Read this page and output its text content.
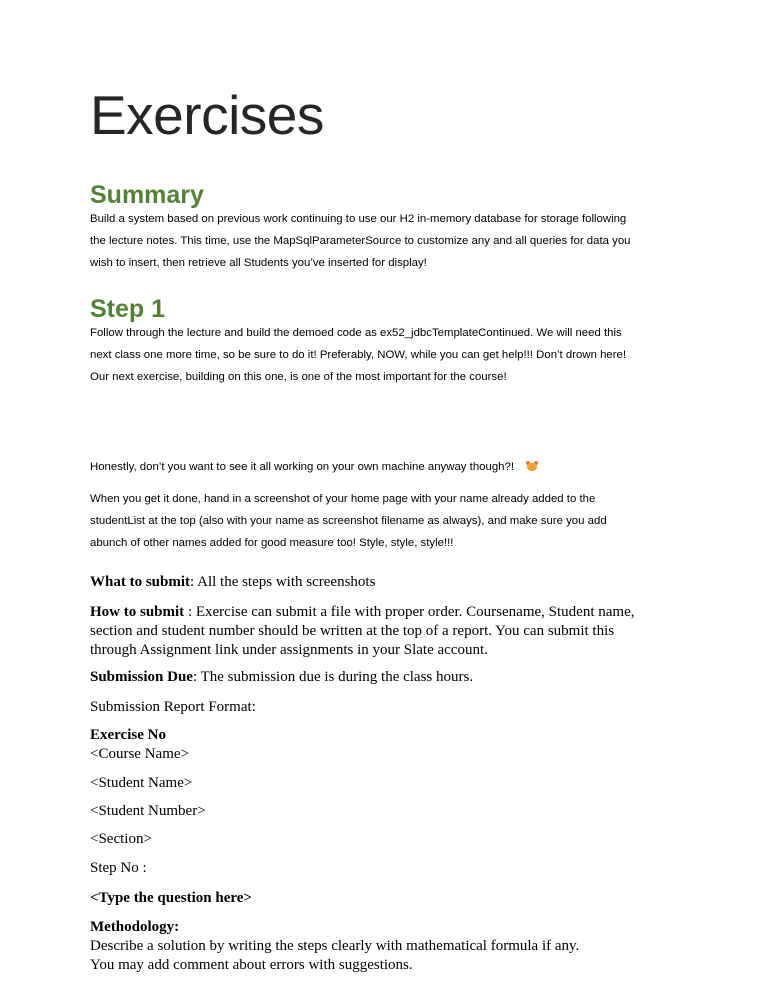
Exercises
Summary
Build a system based on previous work continuing to use our H2 in-memory database for storage following
the lecture notes. This time, use the MapSqlParameterSource to customize any and all queries for data you
wish to insert, then retrieve all Students you’ve inserted for display!
Step 1
Follow through the lecture and build the demoed code as ex52_jdbcTemplateContinued. We will need this
next class one more time, so be sure to do it! Preferably, NOW, while you can get help!!! Don’t drown here!
Our next exercise, building on this one, is one of the most important for the course!
Honestly, don’t you want to see it all working on your own machine anyway though?!
When you get it done, hand in a screenshot of your home page with your name already added to the
studentList at the top (also with your name as screenshot filename as always), and make sure you add
abunch of other names added for good measure too! Style, style, style!!!
What to submit: All the steps with screenshots
How to submit : Exercise can submit a file with proper order. Coursename, Student name,
section and student number should be written at the top of a report. You can submit this
through Assignment link under assignments in your Slate account.
Submission Due: The submission due is during the class hours.
Submission Report Format:
Exercise No
<Course Name>
<Student Name>
<Student Number>
<Section>
Step No :
<Type the question here>
Methodology:
Describe a solution by writing the steps clearly with mathematical formula if any.
You may add comment about errors with suggestions.
